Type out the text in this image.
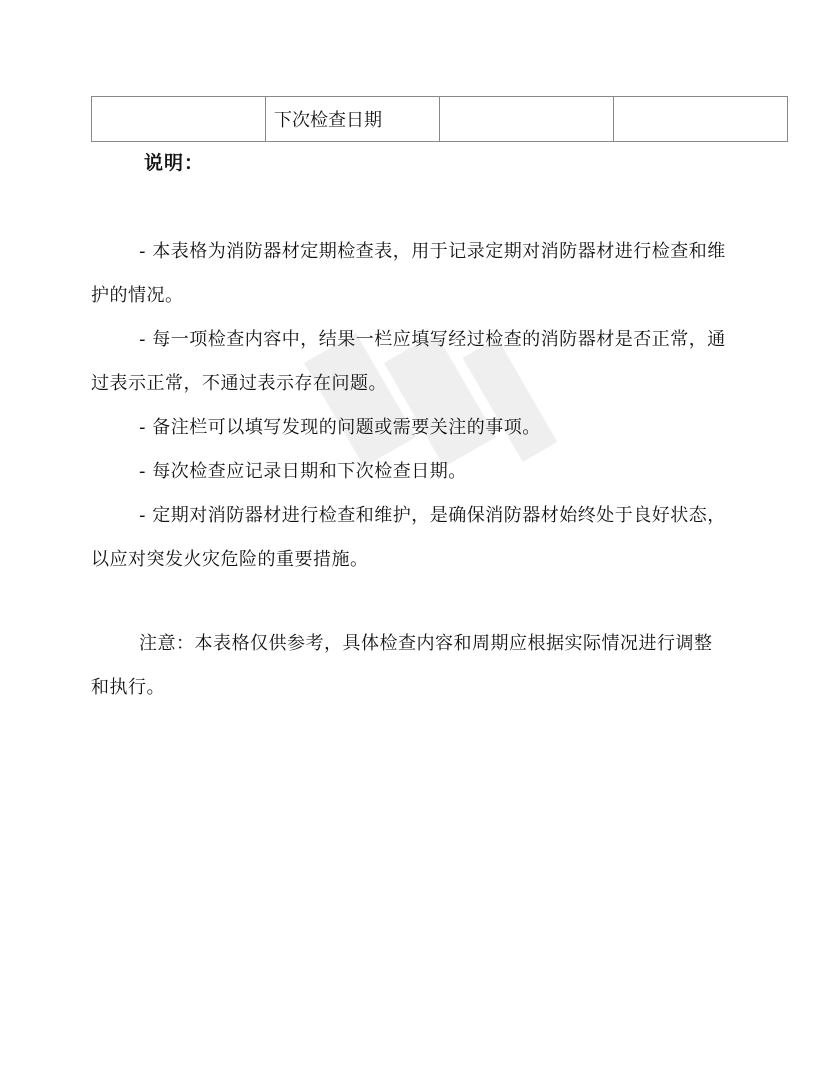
	下次检查日期		
说明：

- 本表格为消防器材定期检查表，用于记录定期对消防器材进行检查和维护的情况。

- 每一项检查内容中，结果一栏应填写经过检查的消防器材是否正常，通过表示正常，不通过表示存在问题。

- 备注栏可以填写发现的问题或需要关注的事项。

- 每次检查应记录日期和下次检查日期。

- 定期对消防器材进行检查和维护，是确保消防器材始终处于良好状态，以应对突发火灾危险的重要措施。

注意：本表格仅供参考，具体检查内容和周期应根据实际情况进行调整和执行。
